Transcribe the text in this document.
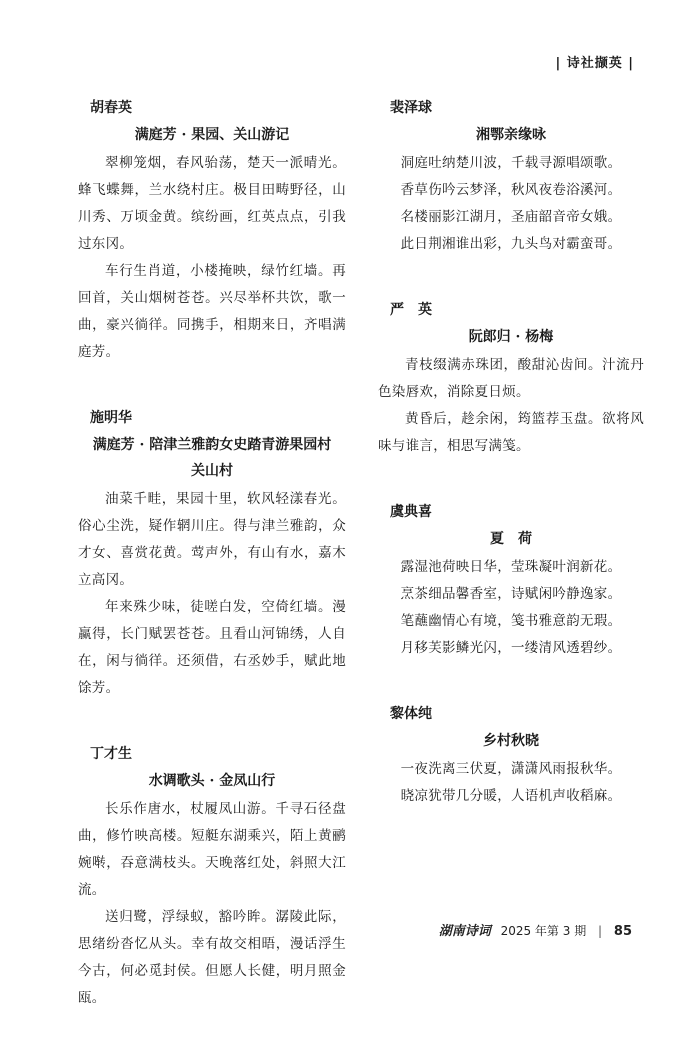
| 诗社撷英 |
胡春英
满庭芳 · 果园、关山游记

翠柳笼烟，春风骀荡，楚天一派晴光。蜂飞蝶舞，兰水绕村庄。极目田畴野径，山川秀、万顷金黄。缤纷画，红英点点，引我过东冈。

车行生肖道，小楼掩映，绿竹红墙。再回首，关山烟树苍苍。兴尽举杯共饮，歌一曲，豪兴徜徉。同携手，相期来日，齐唱满庭芳。

施明华
满庭芳 · 陪津兰雅韵女史踏青游果园村关山村

油菜千畦，果园十里，软风轻漾春光。俗心尘洗，疑作辋川庄。得与津兰雅韵，众才女、喜赏花黄。莺声外，有山有水，嘉木立高冈。

年来殊少味，徒嗟白发，空倚红墙。漫赢得，长门赋罢苍苍。且看山河锦绣，人自在，闲与徜徉。还须借，右丞妙手，赋此地馀芳。

丁才生
水调歌头 · 金凤山行

长乐作唐水，杖履凤山游。千寻石径盘曲，修竹映高楼。短艇东湖乘兴，陌上黄鹂婉啭，吞意满枝头。天晚落红处，斜照大江流。

送归鹭，浮绿蚁，豁吟眸。潺陵此际，思绪纷沓忆从头。幸有故交相晤，漫话浮生今古，何必觅封侯。但愿人长健，明月照金瓯。

裴泽球
湘鄂亲缘咏

洞庭吐纳楚川波，千载寻源唱颂歌。

香草伤吟云梦泽，秋风夜卷浴溪河。

名楼丽影江湖月，圣庙韶音帝女娥。

此日荆湘谁出彩，九头鸟对霸蛮哥。

严　英
阮郎归 · 杨梅

青枝缀满赤珠团，酸甜沁齿间。汁流丹色染唇欢，消除夏日烦。

黄昏后，趁余闲，筠篮荐玉盘。欲将风味与谁言，相思写满笺。

虞典喜
夏　荷

露湿池荷映日华，莹珠凝叶润新花。

烹茶细品馨香室，诗赋闲吟静逸家。

笔蘸幽情心有境，笺书雅意韵无瑕。

月移芙影鳞光闪，一缕清风透碧纱。

黎体纯
乡村秋晓

一夜洗离三伏夏，潇潇风雨报秋华。

晓凉犹带几分暖，人语机声收稻麻。

湖南诗词 2025 年第 3 期 | 85
